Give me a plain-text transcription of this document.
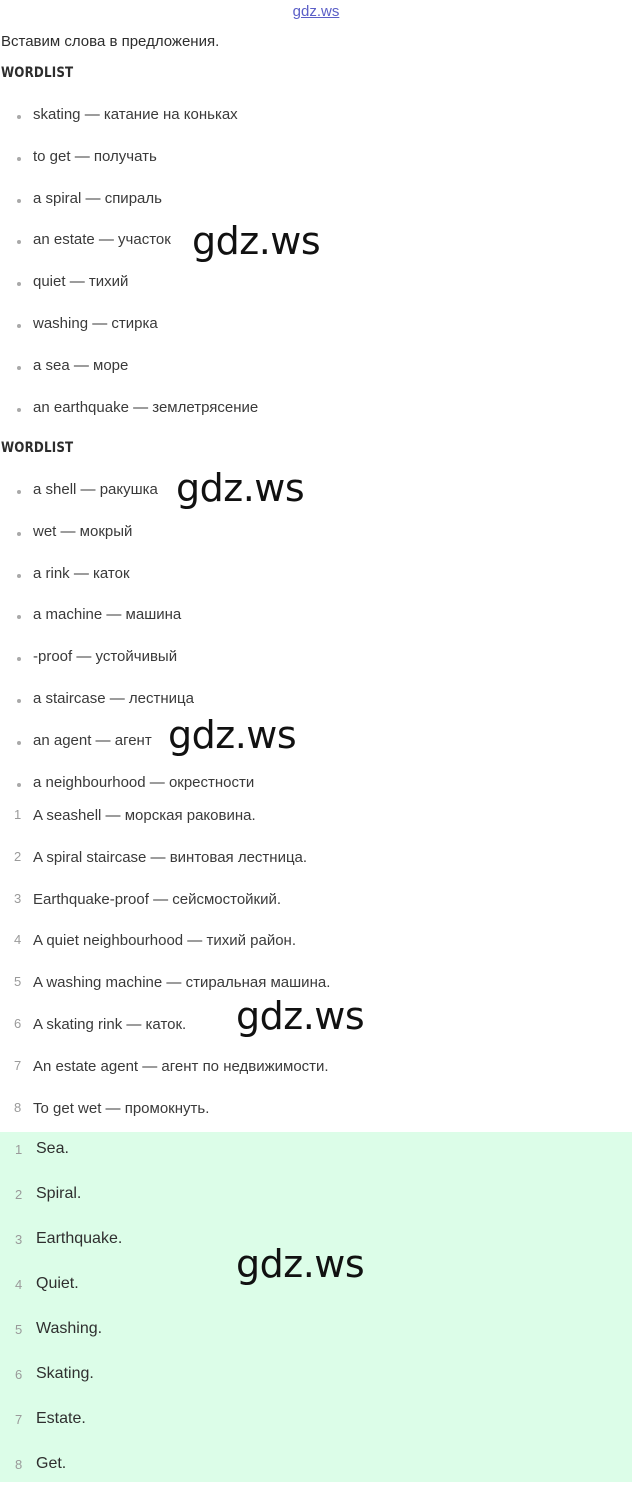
gdz.ws
Вставим слова в предложения.
WORDLIST
skating — катание на коньках
to get — получать
a spiral — спираль
an estate — участок
quiet — тихий
washing — стирка
a sea — море
an earthquake — землетрясение
WORDLIST
a shell — ракушка
wet — мокрый
a rink — каток
a machine — машина
-proof — устойчивый
a staircase — лестница
an agent — агент
a neighbourhood — окрестности
1 A seashell — морская раковина.
2 A spiral staircase — винтовая лестница.
3 Earthquake-proof — сейсмостойкий.
4 A quiet neighbourhood — тихий район.
5 A washing machine — стиральная машина.
6 A skating rink — каток.
7 An estate agent — агент по недвижимости.
8 To get wet — промокнуть.
1 Sea.
2 Spiral.
3 Earthquake.
4 Quiet.
5 Washing.
6 Skating.
7 Estate.
8 Get.
gdz.ws
gdz.ws
gdz.ws
gdz.ws
gdz.ws
